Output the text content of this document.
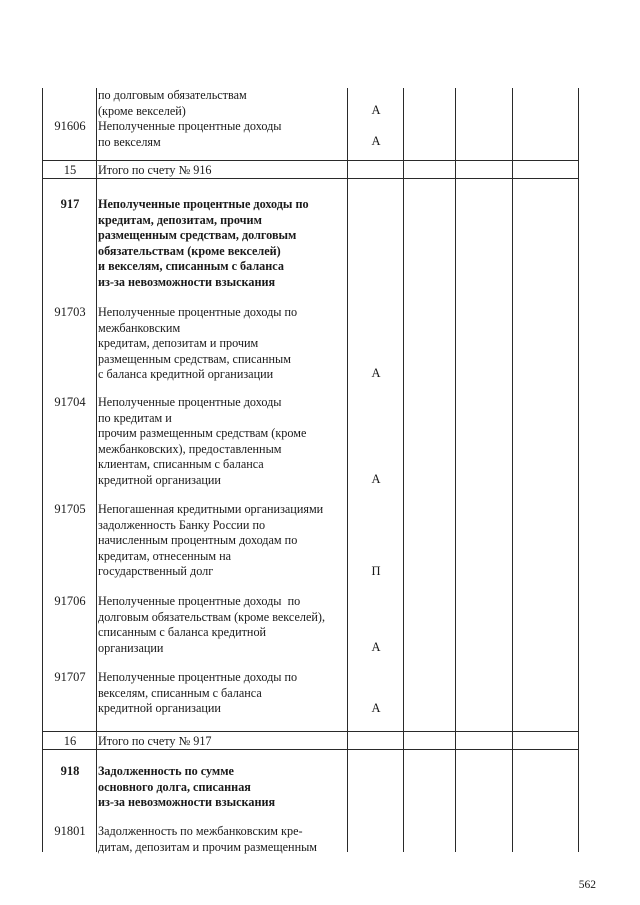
по долговым обязательствам
(кроме векселей)	А
91606	Неполученные процентные доходы
по векселям	А
15	Итого по счету № 916
917	Неполученные процентные доходы по
кредитам, депозитам, прочим
размещенным средствам, долговым
обязательствам (кроме векселей)
и векселям, списанным с баланса
из-за невозможности взыскания
91703	Неполученные процентные доходы по
межбанковским
кредитам, депозитам и прочим
размещенным средствам, списанным
с баланса кредитной организации	А
91704	Неполученные процентные доходы
по кредитам и
прочим размещенным средствам (кроме
межбанковских), предоставленным
клиентам, списанным с баланса
кредитной организации	А
91705	Непогашенная кредитными организациями
задолженность Банку России по
начисленным процентным доходам по
кредитам, отнесенным на
государственный долг	П
91706	Неполученные процентные доходы  по
долговым обязательствам (кроме векселей),
списанным с баланса кредитной
организации	А
91707	Неполученные процентные доходы по
векселям, списанным с баланса
кредитной организации	А
16	Итого по счету № 917
918	Задолженность по сумме
основного долга, списанная
из-за невозможности взыскания
91801	Задолженность по межбанковским кре-
дитам, депозитам и прочим размещенным
562
